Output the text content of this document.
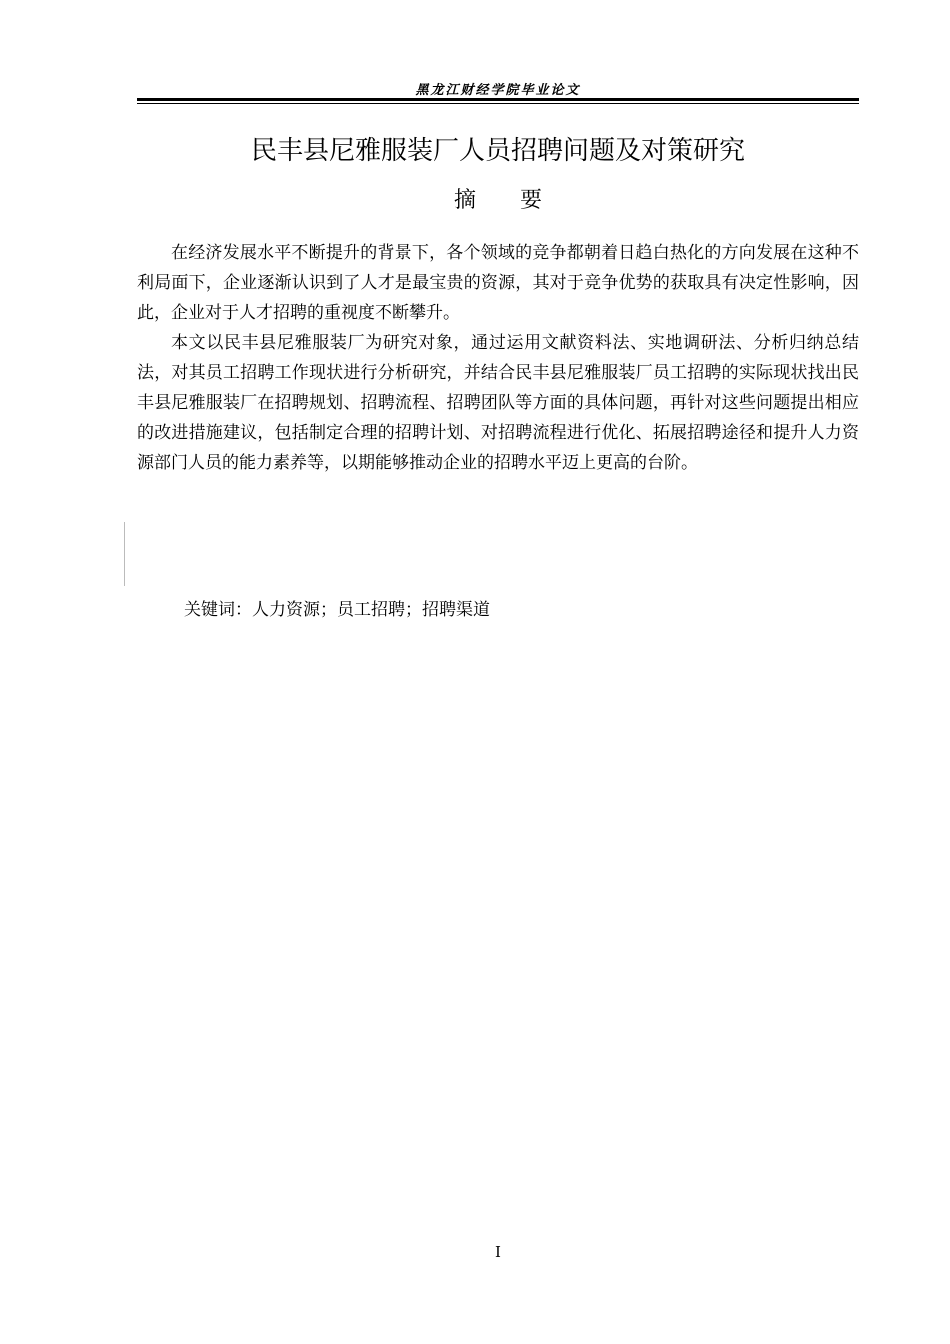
黑龙江财经学院毕业论文
民丰县尼雅服装厂人员招聘问题及对策研究
摘　　要

在经济发展水平不断提升的背景下，各个领域的竞争都朝着日趋白热化的方向发展在这种不利局面下，企业逐渐认识到了人才是最宝贵的资源，其对于竞争优势的获取具有决定性影响，因此，企业对于人才招聘的重视度不断攀升。

本文以民丰县尼雅服装厂为研究对象，通过运用文献资料法、实地调研法、分析归纳总结法，对其员工招聘工作现状进行分析研究，并结合民丰县尼雅服装厂员工招聘的实际现状找出民丰县尼雅服装厂在招聘规划、招聘流程、招聘团队等方面的具体问题，再针对这些问题提出相应的改进措施建议，包括制定合理的招聘计划、对招聘流程进行优化、拓展招聘途径和提升人力资源部门人员的能力素养等，以期能够推动企业的招聘水平迈上更高的台阶。

关键词：人力资源；员工招聘；招聘渠道
I
